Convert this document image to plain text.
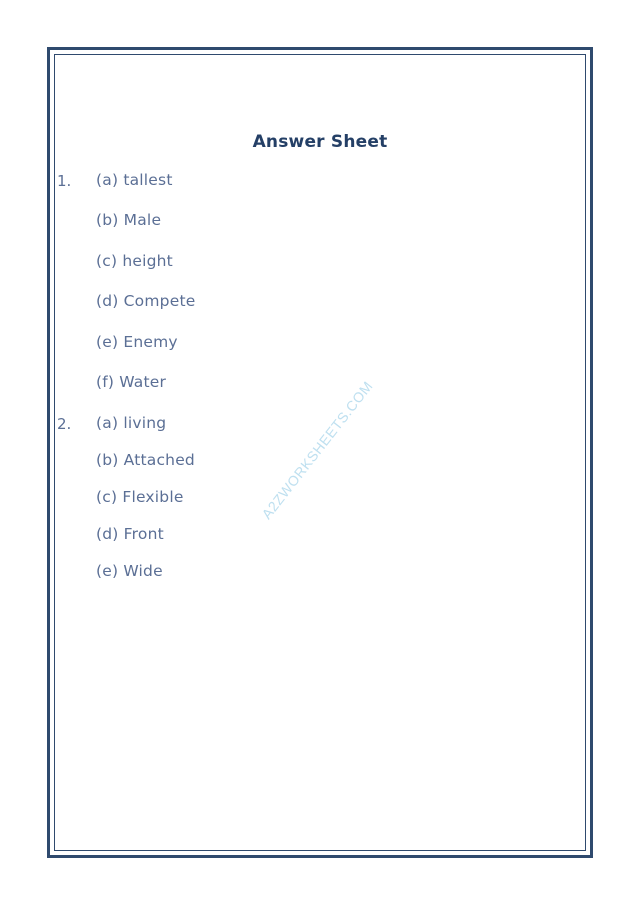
A2ZWORKSHEETS.COM
Answer Sheet
1. (a) tallest
(b) Male
(c) height
(d) Compete
(e) Enemy
(f) Water
2. (a) living
(b) Attached
(c) Flexible
(d) Front
(e) Wide
